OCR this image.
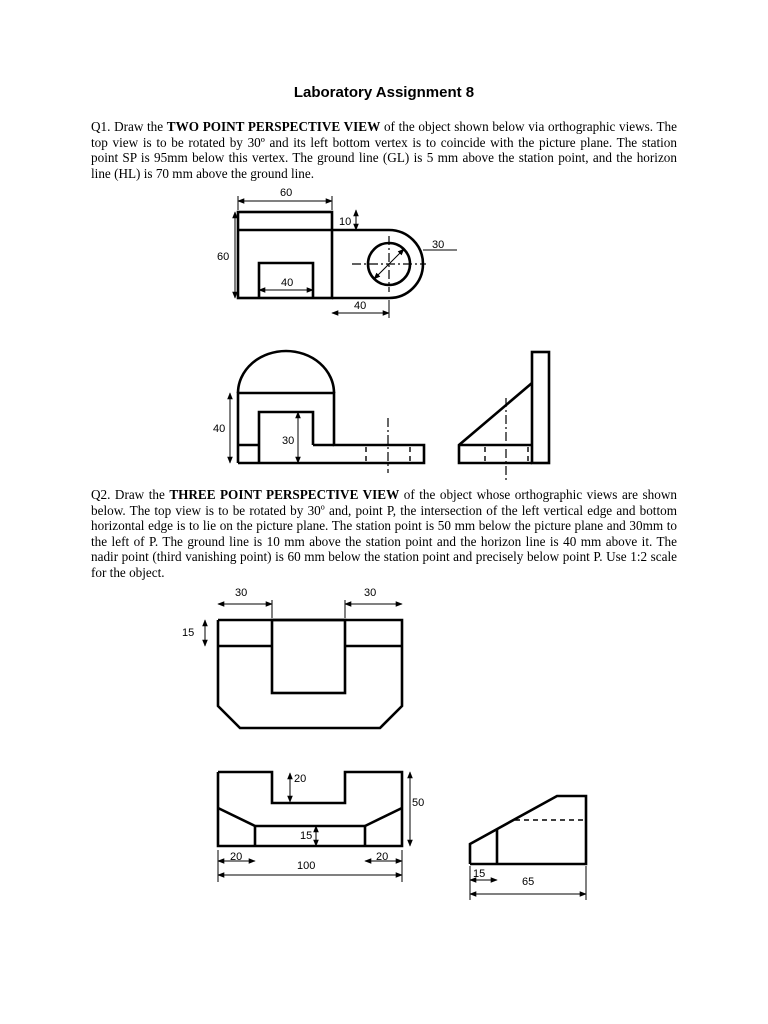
Laboratory Assignment 8

Q1. Draw the TWO POINT PERSPECTIVE VIEW of the object shown below via orthographic views. The top view is to be rotated by 30º and its left bottom vertex is to coincide with the picture plane. The station point SP is 95mm below this vertex. The ground line (GL) is 5 mm above the station point, and the horizon line (HL) is 70 mm above the ground line.

Q2. Draw the THREE POINT PERSPECTIVE VIEW of the object whose orthographic views are shown below. The top view is to be rotated by 30$^o$ and, point P, the intersection of the left vertical edge and bottom horizontal edge is to lie on the picture plane. The station point is 50 mm below the picture plane and 30mm to the left of P. The ground line is 10 mm above the station point and the horizon line is 40 mm above it. The nadir point (third vanishing point) is 60 mm below the station point and precisely below point P. Use 1:2 scale for the object.

30
60
60
40
10
40
40
30
30	30
15
20
50
15
20	20
100
15
65
